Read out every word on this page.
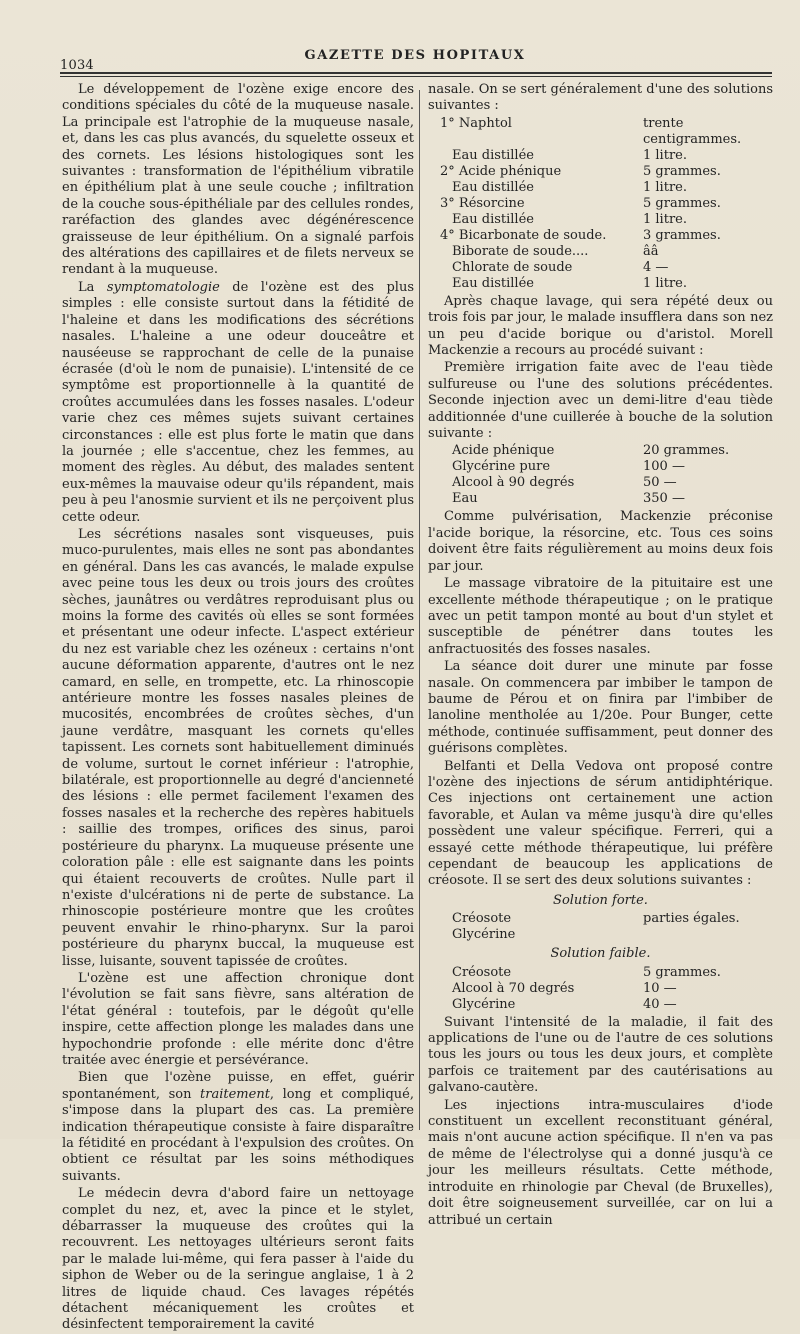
1034
GAZETTE DES HOPITAUX

Le développement de l'ozène exige encore des conditions spéciales du côté de la muqueuse nasale. La principale est l'atrophie de la muqueuse nasale, et, dans les cas plus avancés, du squelette osseux et des cornets. Les lésions histologiques sont les suivantes : transformation de l'épithélium vibratile en épithélium plat à une seule couche ; infiltration de la couche sous-épithéliale par des cellules rondes, raréfaction des glandes avec dégénérescence graisseuse de leur épithélium. On a signalé parfois des altérations des capillaires et de filets nerveux se rendant à la muqueuse.

La symptomatologie de l'ozène est des plus simples : elle consiste surtout dans la fétidité de l'haleine et dans les modifications des sécrétions nasales. L'haleine a une odeur douceâtre et nauséeuse se rapprochant de celle de la punaise écrasée (d'où le nom de punaisie). L'intensité de ce symptôme est proportionnelle à la quantité de croûtes accumulées dans les fosses nasales. L'odeur varie chez ces mêmes sujets suivant certaines circonstances : elle est plus forte le matin que dans la journée ; elle s'accentue, chez les femmes, au moment des règles. Au début, des malades sentent eux-mêmes la mauvaise odeur qu'ils répandent, mais peu à peu l'anosmie survient et ils ne perçoivent plus cette odeur.

Les sécrétions nasales sont visqueuses, puis muco-purulentes, mais elles ne sont pas abondantes en général. Dans les cas avancés, le malade expulse avec peine tous les deux ou trois jours des croûtes sèches, jaunâtres ou verdâtres reproduisant plus ou moins la forme des cavités où elles se sont formées et présentant une odeur infecte. L'aspect extérieur du nez est variable chez les ozéneux : certains n'ont aucune déformation apparente, d'autres ont le nez camard, en selle, en trompette, etc. La rhinoscopie antérieure montre les fosses nasales pleines de mucosités, encombrées de croûtes sèches, d'un jaune verdâtre, masquant les cornets qu'elles tapissent. Les cornets sont habituellement diminués de volume, surtout le cornet inférieur : l'atrophie, bilatérale, est proportionnelle au degré d'ancienneté des lésions : elle permet facilement l'examen des fosses nasales et la recherche des repères habituels : saillie des trompes, orifices des sinus, paroi postérieure du pharynx. La muqueuse présente une coloration pâle : elle est saignante dans les points qui étaient recouverts de croûtes. Nulle part il n'existe d'ulcérations ni de perte de substance. La rhinoscopie postérieure montre que les croûtes peuvent envahir le rhino-pharynx. Sur la paroi postérieure du pharynx buccal, la muqueuse est lisse, luisante, souvent tapissée de croûtes.

L'ozène est une affection chronique dont l'évolution se fait sans fièvre, sans altération de l'état général : toutefois, par le dégoût qu'elle inspire, cette affection plonge les malades dans une hypochondrie profonde : elle mérite donc d'être traitée avec énergie et persévérance.

Bien que l'ozène puisse, en effet, guérir spontanément, son traitement, long et compliqué, s'impose dans la plupart des cas. La première indication thérapeutique consiste à faire disparaître la fétidité en procédant à l'expulsion des croûtes. On obtient ce résultat par les soins méthodiques suivants.

Le médecin devra d'abord faire un nettoyage complet du nez, et, avec la pince et le stylet, débarrasser la muqueuse des croûtes qui la recouvrent. Les nettoyages ultérieurs seront faits par le malade lui-même, qui fera passer à l'aide du siphon de Weber ou de la seringue anglaise, 1 à 2 litres de liquide chaud. Ces lavages répétés détachent mécaniquement les croûtes et désinfectent temporairement la cavité

nasale. On se sert généralement d'une des solutions suivantes :

1° Naphtol	trente centigrammes.
Eau distillée	1 litre.
2° Acide phénique	5 grammes.
Eau distillée	1 litre.
3° Résorcine	5 grammes.
Eau distillée	1 litre.
4° Bicarbonate de soude.	3 grammes.
Biborate de soude....	ââ
Chlorate de soude	4 —
Eau distillée	1 litre.

Après chaque lavage, qui sera répété deux ou trois fois par jour, le malade insufflera dans son nez un peu d'acide borique ou d'aristol. Morell Mackenzie a recours au procédé suivant :

Première irrigation faite avec de l'eau tiède sulfureuse ou l'une des solutions précédentes. Seconde injection avec un demi-litre d'eau tiède additionnée d'une cuillerée à bouche de la solution suivante :

Acide phénique	20 grammes.
Glycérine pure	100 —
Alcool à 90 degrés	50 —
Eau	350 —

Comme pulvérisation, Mackenzie préconise l'acide borique, la résorcine, etc. Tous ces soins doivent être faits régulièrement au moins deux fois par jour.

Le massage vibratoire de la pituitaire est une excellente méthode thérapeutique ; on le pratique avec un petit tampon monté au bout d'un stylet et susceptible de pénétrer dans toutes les anfractuosités des fosses nasales.

La séance doit durer une minute par fosse nasale. On commencera par imbiber le tampon de baume de Pérou et on finira par l'imbiber de lanoline mentholée au 1/20e. Pour Bunger, cette méthode, continuée suffisamment, peut donner des guérisons complètes.

Belfanti et Della Vedova ont proposé contre l'ozène des injections de sérum antidiphtérique. Ces injections ont certainement une action favorable, et Aulan va même jusqu'à dire qu'elles possèdent une valeur spécifique. Ferreri, qui a essayé cette méthode thérapeutique, lui préfère cependant de beaucoup les applications de créosote. Il se sert des deux solutions suivantes :

Solution forte.
Créosote	parties égales.
Glycérine	
Solution faible.
Créosote	5 grammes.
Alcool à 70 degrés	10 —
Glycérine	40 —

Suivant l'intensité de la maladie, il fait des applications de l'une ou de l'autre de ces solutions tous les jours ou tous les deux jours, et complète parfois ce traitement par des cautérisations au galvano-cautère.

Les injections intra-musculaires d'iode constituent un excellent reconstituant général, mais n'ont aucune action spécifique. Il n'en va pas de même de l'électrolyse qui a donné jusqu'à ce jour les meilleurs résultats. Cette méthode, introduite en rhinologie par Cheval (de Bruxelles), doit être soigneusement surveillée, car on lui a attribué un certain
